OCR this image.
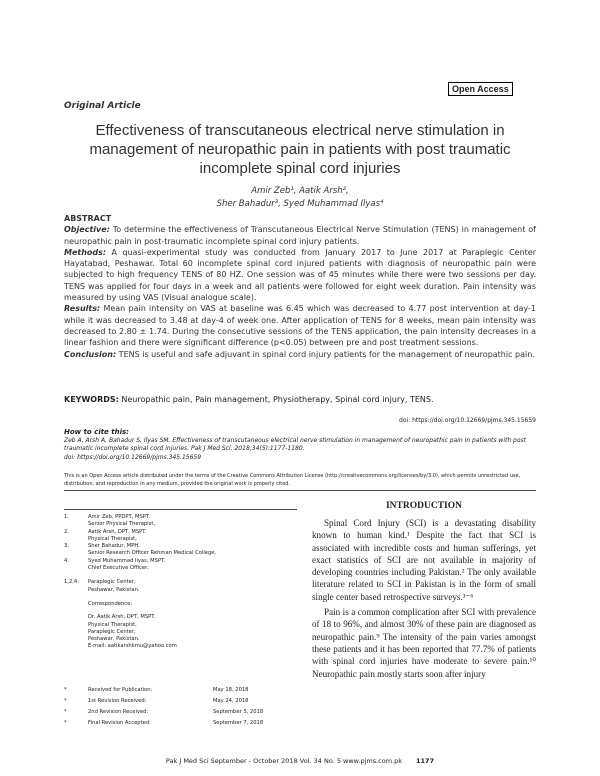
Open Access
Original Article
Effectiveness of transcutaneous electrical nerve stimulation in management of neuropathic pain in patients with post traumatic incomplete spinal cord injuries
Amir Zeb¹, Aatik Arsh²,
Sher Bahadur³, Syed Muhammad Ilyas⁴
ABSTRACT

Objective: To determine the effectiveness of Transcutaneous Electrical Nerve Stimulation (TENS) in management of neuropathic pain in post-traumatic incomplete spinal cord injury patients.

Methods: A quasi-experimental study was conducted from January 2017 to June 2017 at Paraplegic Center Hayatabad, Peshawar. Total 60 incomplete spinal cord injured patients with diagnosis of neuropathic pain were subjected to high frequency TENS of 80 HZ. One session was of 45 minutes while there were two sessions per day. TENS was applied for four days in a week and all patients were followed for eight week duration. Pain intensity was measured by using VAS (Visual analogue scale).

Results: Mean pain intensity on VAS at baseline was 6.45 which was decreased to 4.77 post intervention at day-1 while it was decreased to 3.48 at day-4 of week one. After application of TENS for 8 weeks, mean pain intensity was decreased to 2.80 ± 1.74. During the consecutive sessions of the TENS application, the pain intensity decreases in a linear fashion and there were significant difference (p<0.05) between pre and post treatment sessions.

Conclusion: TENS is useful and safe adjuvant in spinal cord injury patients for the management of neuropathic pain.

KEYWORDS: Neuropathic pain, Pain management, Physiotherapy, Spinal cord injury, TENS.
doi: https://doi.org/10.12669/pjms.345.15659
How to cite this:
Zeb A, Arsh A, Bahadur S, Ilyas SM. Effectiveness of transcutaneous electrical nerve stimulation in management of neuropathic pain in patients with post traumatic incomplete spinal cord injuries. Pak J Med Sci. 2018;34(5):1177-1180.
doi: https://doi.org/10.12669/pjms.345.15659
This is an Open Access article distributed under the terms of the Creative Commons Attribution License (http://creativecommons.org/licenses/by/3.0), which permits unrestricted use, distribution, and reproduction in any medium, provided the original work is properly cited.
1.	Amir Zeb, PPDPT, MSPT.
Senior Physical Therapist,
2.	Aatik Arsh, DPT, MSPT.
Physical Therapist,
3.	Sher Bahadur, MPH.
Senior Research Officer Rehman Medical College,
4.	Syed Muhammad Ilyas, MSPT.
Chief Executive Officer,
1,2,4:	Paraplegic Center,
Peshawar, Pakistan.
Correspondence:
Dr. Aatik Arsh, DPT, MSPT.
Physical Therapist,
Paraplegic Center,
Peshawar, Pakistan.
E-mail: aatikarshkmu@yahoo.com
*	Received for Publication:	May 18, 2018
*	1st Revision Received:	May 24, 2018
*	2nd Revision Received:	September 5, 2018
*	Final Revision Accepted:	September 7, 2018
INTRODUCTION

Spinal Cord Injury (SCI) is a devastating disability known to human kind.¹ Despite the fact that SCI is associated with incredible costs and human sufferings, yet exact statistics of SCI are not available in majority of developing countries including Pakistan.² The only available literature related to SCI in Pakistan is in the form of small single center based retrospective surveys.³⁻⁶

Pain is a common complication after SCI with prevalence of 18 to 96%, and almost 30% of these pain are diagnosed as neuropathic pain.⁹ The intensity of the pain varies amongst these patients and it has been reported that 77.7% of patients with spinal cord injuries have moderate to severe pain.¹⁰ Neuropathic pain mostly starts soon after injury

Pak J Med Sci September - October 2018 Vol. 34 No. 5 www.pjms.com.pk 1177
